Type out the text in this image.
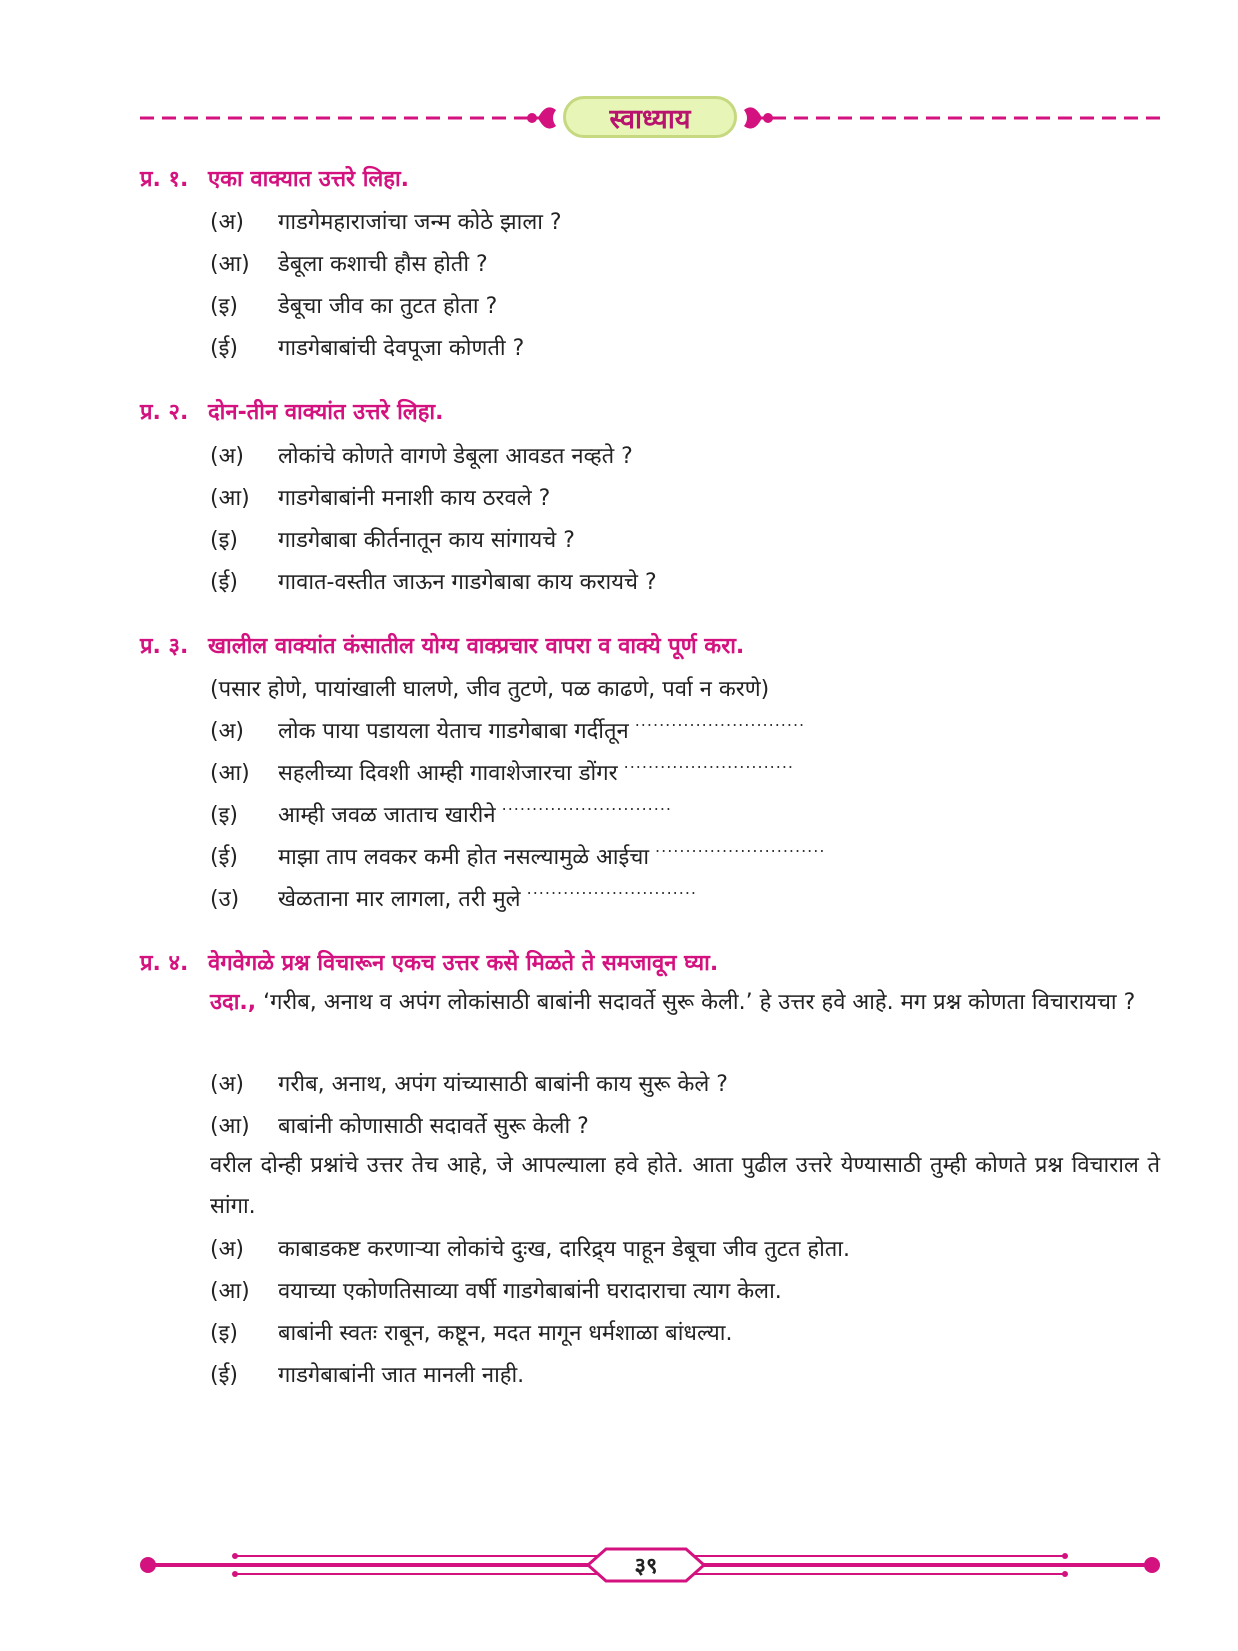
स्वाध्याय
प्र. १. एका वाक्यात उत्तरे लिहा.
(अ) गाडगेमहाराजांचा जन्म कोठे झाला ?
(आ) डेबूला कशाची हौस होती ?
(इ) डेबूचा जीव का तुटत होता ?
(ई) गाडगेबाबांची देवपूजा कोणती ?
प्र. २. दोन-तीन वाक्यांत उत्तरे लिहा.
(अ) लोकांचे कोणते वागणे डेबूला आवडत नव्हते ?
(आ) गाडगेबाबांनी मनाशी काय ठरवले ?
(इ) गाडगेबाबा कीर्तनातून काय सांगायचे ?
(ई) गावात-वस्तीत जाऊन गाडगेबाबा काय करायचे ?
प्र. ३. खालील वाक्यांत कंसातील योग्य वाक्प्रचार वापरा व वाक्ये पूर्ण करा.
(पसार होणे, पायांखाली घालणे, जीव तुटणे, पळ काढणे, पर्वा न करणे)
(अ) लोक पाया पडायला येताच गाडगेबाबा गर्दीतून ............................
(आ) सहलीच्या दिवशी आम्ही गावाशेजारचा डोंगर ............................
(इ) आम्ही जवळ जाताच खारीने ............................
(ई) माझा ताप लवकर कमी होत नसल्यामुळे आईचा ............................
(उ) खेळताना मार लागला, तरी मुले ............................
प्र. ४. वेगवेगळे प्रश्न विचारून एकच उत्तर कसे मिळते ते समजावून घ्या.
उदा., ‘गरीब, अनाथ व अपंग लोकांसाठी बाबांनी सदावर्ते सुरू केली.’ हे उत्तर हवे आहे. मग प्रश्न कोणता विचारायचा ?
(अ) गरीब, अनाथ, अपंग यांच्यासाठी बाबांनी काय सुरू केले ?
(आ) बाबांनी कोणासाठी सदावर्ते सुरू केली ?
वरील दोन्ही प्रश्नांचे उत्तर तेच आहे, जे आपल्याला हवे होते. आता पुढील उत्तरे येण्यासाठी तुम्ही कोणते प्रश्न विचाराल ते सांगा.
(अ) काबाडकष्ट करणाऱ्या लोकांचे दुःख, दारिद्र्य पाहून डेबूचा जीव तुटत होता.
(आ) वयाच्या एकोणतिसाव्या वर्षी गाडगेबाबांनी घरादाराचा त्याग केला.
(इ) बाबांनी स्वतः राबून, कष्टून, मदत मागून धर्मशाळा बांधल्या.
(ई) गाडगेबाबांनी जात मानली नाही.
३९
